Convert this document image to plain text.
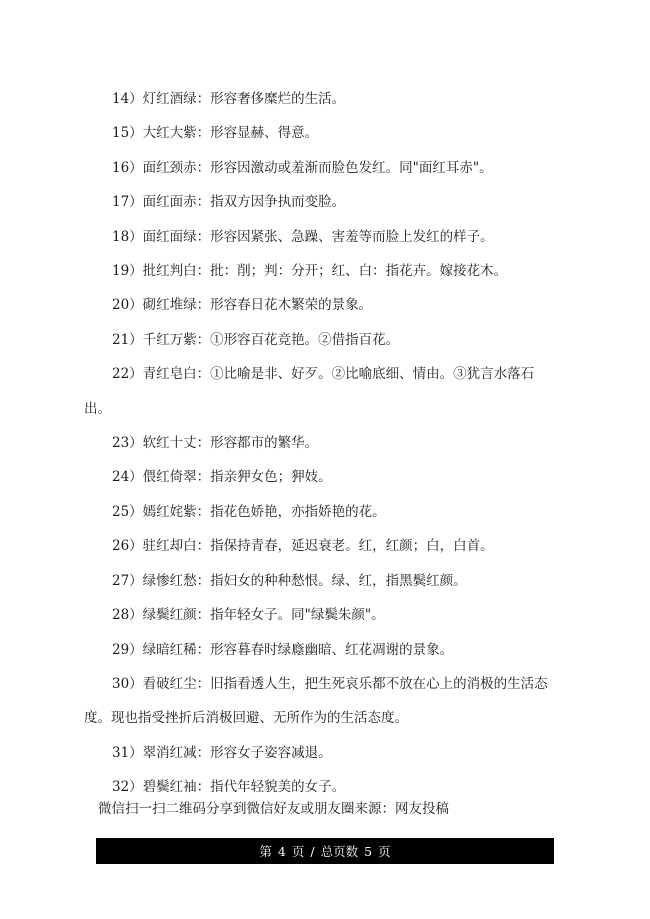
14）灯红酒绿：形容奢侈糜烂的生活。
15）大红大紫：形容显赫、得意。
16）面红颈赤：形容因激动或羞渐而脸色发红。同"面红耳赤"。
17）面红面赤：指双方因争执而变脸。
18）面红面绿：形容因紧张、急躁、害羞等而脸上发红的样子。
19）批红判白：批：削；判：分开；红、白：指花卉。嫁接花木。
20）砌红堆绿：形容春日花木繁荣的景象。
21）千红万紫：①形容百花竞艳。②借指百花。
22）青红皂白：①比喻是非、好歹。②比喻底细、情由。③犹言水落石出。
23）软红十丈：形容都市的繁华。
24）偎红倚翠：指亲狎女色；狎妓。
25）嫣红姹紫：指花色娇艳，亦指娇艳的花。
26）驻红却白：指保持青春，延迟衰老。红，红颜；白，白首。
27）绿惨红愁：指妇女的种种愁恨。绿、红，指黑鬓红颜。
28）绿鬓红颜：指年轻女子。同"绿鬓朱颜"。
29）绿暗红稀：形容暮春时绿廕幽暗、红花凋谢的景象。
30）看破红尘：旧指看透人生，把生死哀乐都不放在心上的消极的生活态度。现也指受挫折后消极回避、无所作为的生活态度。
31）翠消红减：形容女子姿容减退。
32）碧鬓红袖：指代年轻貌美的女子。
微信扫一扫二维码分享到微信好友或朋友圈来源：网友投稿
第 4 页 / 总页数 5 页
